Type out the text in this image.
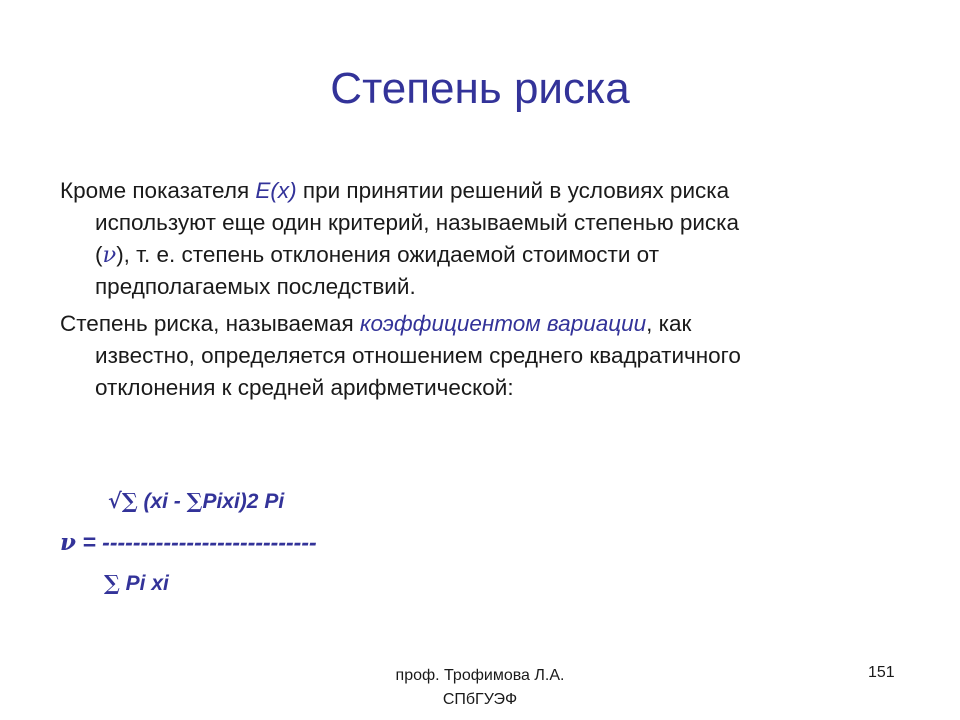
Степень риска
Кроме показателя E(x) при принятии решений в условиях риска
используют еще один критерий, называемый степенью риска
(ν), т. е. степень отклонения ожидаемой стоимости от
предполагаемых последствий.
Степень риска, называемая коэффициентом вариации, как
известно, определяется отношением среднего квадратичного
отклонения к средней арифметической:
√∑ (xi - ∑Pixi)2 Pi
ν = ----------------------------
∑ Pi xi
проф. Трофимова Л.А.
СПбГУЭФ
151
